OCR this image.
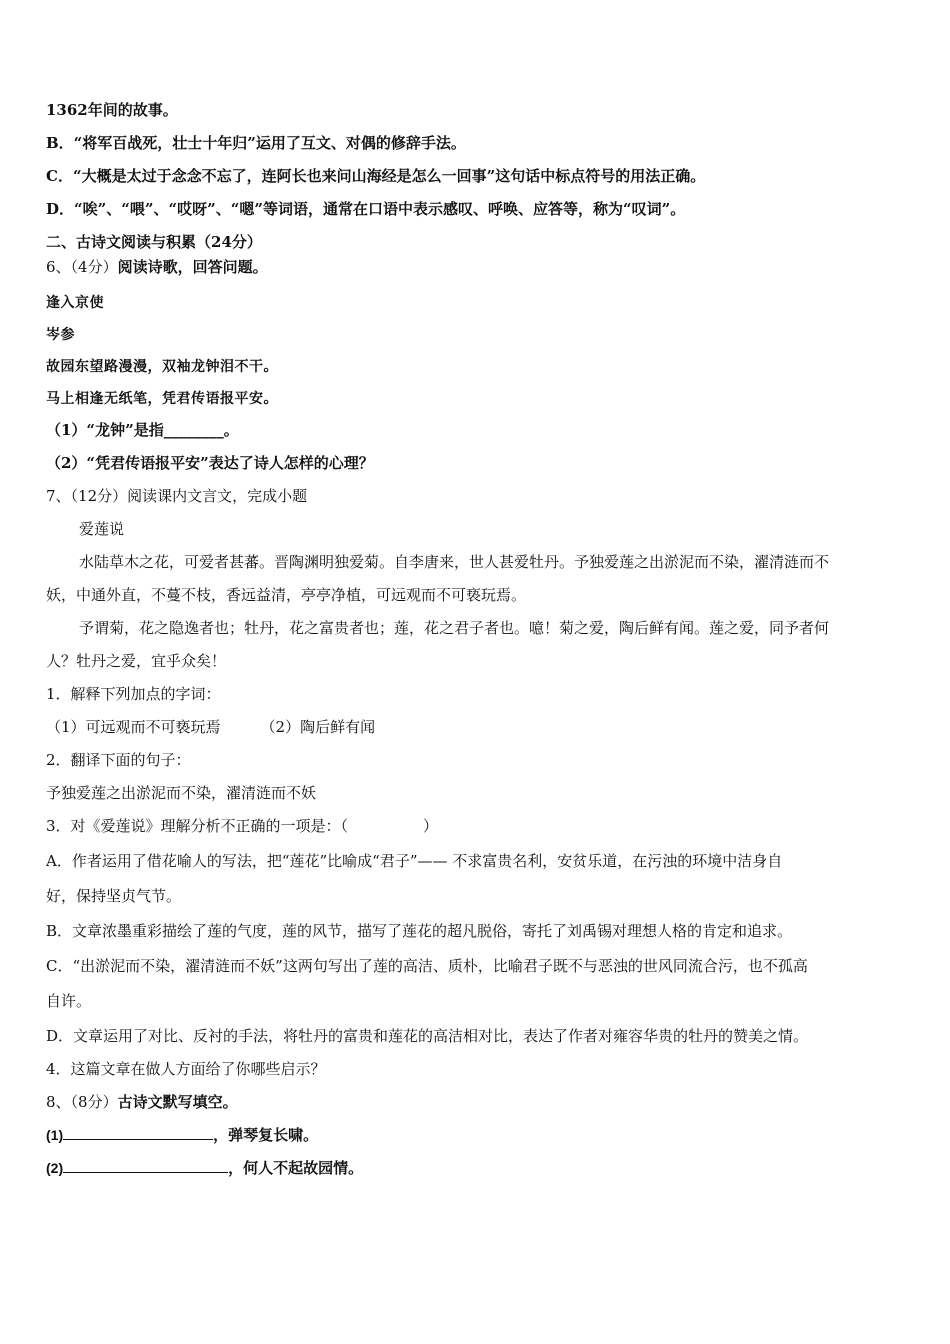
1362年间的故事。
B．“将军百战死，壮士十年归”运用了互文、对偶的修辞手法。
C．“大概是太过于念念不忘了，连阿长也来问山海经是怎么一回事”这句话中标点符号的用法正确。
D．“唉”、“喂”、“哎呀”、“嗯”等词语，通常在口语中表示感叹、呼唤、应答等，称为“叹词”。
二、古诗文阅读与积累（24分）
6、（4分）阅读诗歌，回答问题。
逢入京使
岑参
故园东望路漫漫，双袖龙钟泪不干。
马上相逢无纸笔，凭君传语报平安。
（1）“龙钟”是指________。
（2）“凭君传语报平安”表达了诗人怎样的心理？
7、（12分）阅读课内文言文，完成小题
爱莲说
水陆草木之花，可爱者甚蕃。晋陶渊明独爱菊。自李唐来，世人甚爱牡丹。予独爱莲之出淤泥而不染，濯清涟而不
妖，中通外直，不蔓不枝，香远益清，亭亭净植，可远观而不可亵玩焉。
予谓菊，花之隐逸者也；牡丹，花之富贵者也；莲，花之君子者也。噫！菊之爱，陶后鲜有闻。莲之爱，同予者何
人？牡丹之爱，宜乎众矣！
1．解释下列加点的字词：
（1）可远观而不可亵玩焉	（2）陶后鲜有闻
2．翻译下面的句子：
予独爱莲之出淤泥而不染，濯清涟而不妖
3．对《爱莲说》理解分析不正确的一项是：（　　　　　）
A．作者运用了借花喻人的写法，把“莲花”比喻成“君子”—— 不求富贵名利，安贫乐道，在污浊的环境中洁身自
好，保持坚贞气节。
B．文章浓墨重彩描绘了莲的气度，莲的风节，描写了莲花的超凡脱俗，寄托了刘禹锡对理想人格的肯定和追求。
C．“出淤泥而不染，濯清涟而不妖”这两句写出了莲的高洁、质朴，比喻君子既不与恶浊的世风同流合污，也不孤高
自许。
D．文章运用了对比、反衬的手法，将牡丹的富贵和莲花的高洁相对比，表达了作者对雍容华贵的牡丹的赞美之情。
4．这篇文章在做人方面给了你哪些启示？
8、（8分）古诗文默写填空。
(1)	，弹琴复长啸。
(2)	，何人不起故园情。
